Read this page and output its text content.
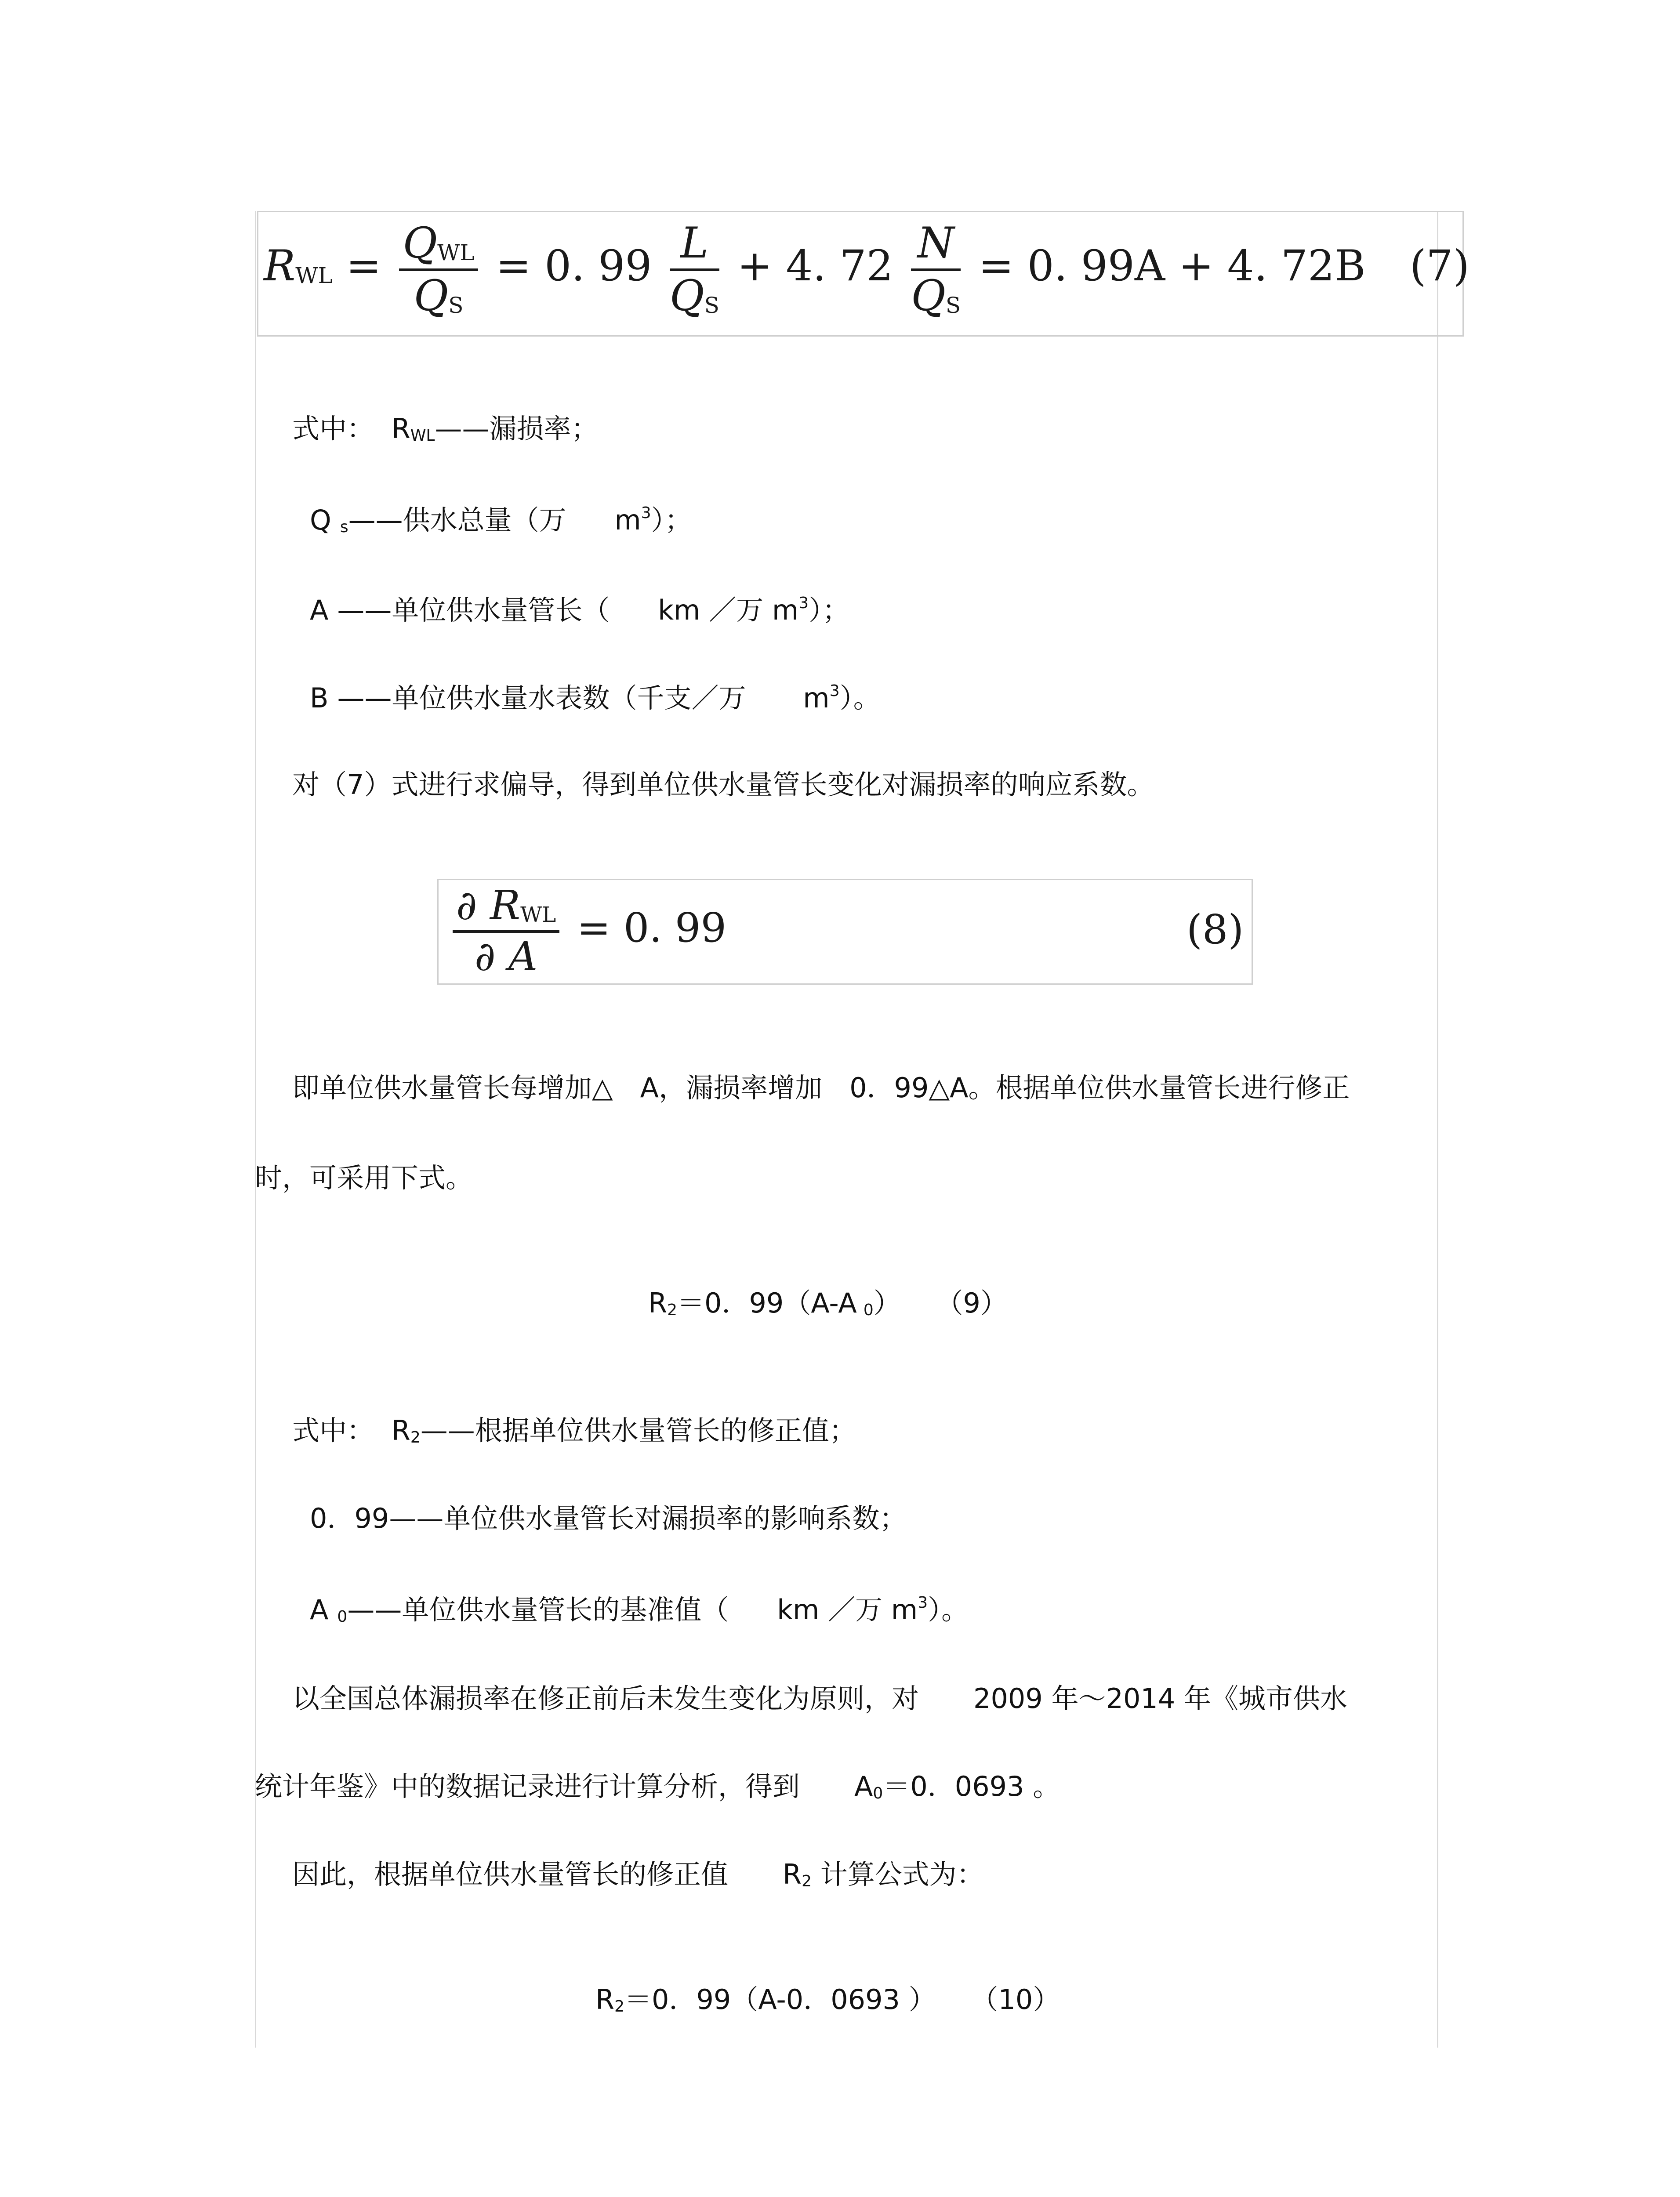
RWL = $\frac{\text{QWL}}{QS} = 0$. $99 \frac{L}{QS} + 4$. $72 \frac{N}{QS} = 0$. 99A + 4. 72B (7)
式中： RWL——漏损率；
Qs——供水总量（万 $m^3$）；
A ——单位供水量管长（ km ／万 $m^3$）；
B ——单位供水量水表数（千支／万 $m^3$）。
对（7）式进行求偏导，得到单位供水量管长变化对漏损率的响应系数。
$\frac{\text{∂ RWL}}{\partial A} = 0$. 99	(8)
即单位供水量管长每增加△　A，漏损率增加　0．99△A。根据单位供水量管长进行修正
时，可采用下式。
R2＝0．99（A-A 0） （9）
式中： R2——根据单位供水量管长的修正值；
0．99——单位供水量管长对漏损率的影响系数；
A 0——单位供水量管长的基准值（ km ／万 $m^3$）。
以全国总体漏损率在修正前后未发生变化为原则，对　　2009 年～2014 年《城市供水
统计年鉴》中的数据记录进行计算分析，得到　　A0＝0．0693 。
因此，根据单位供水量管长的修正值　　R2 计算公式为：
R2＝0．99（A-0．0693 ） （10）
